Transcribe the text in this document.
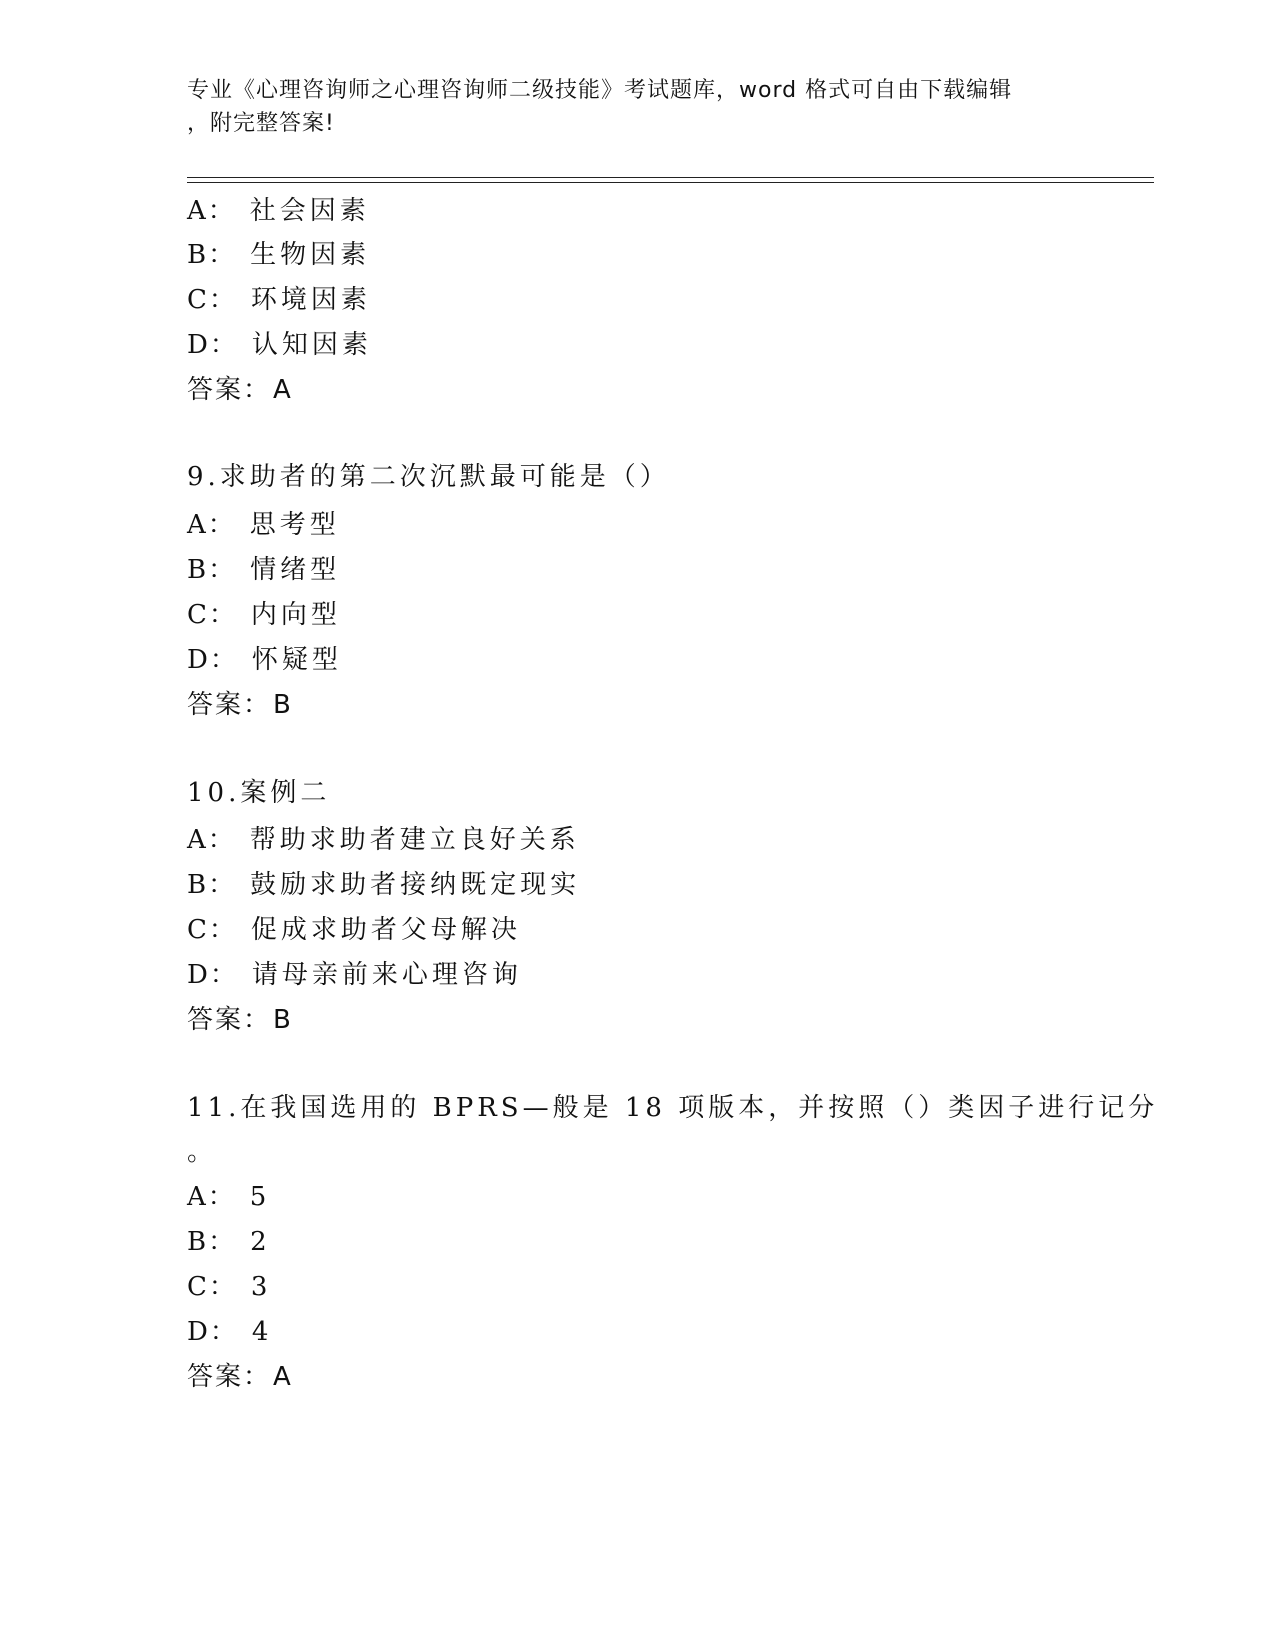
专业《心理咨询师之心理咨询师二级技能》考试题库，word 格式可自由下载编辑
，附完整答案!
A： 社会因素
B： 生物因素
C： 环境因素
D： 认知因素
答案：A
9.求助者的第二次沉默最可能是（）
A： 思考型
B： 情绪型
C： 内向型
D： 怀疑型
答案：B
10.案例二
A： 帮助求助者建立良好关系
B： 鼓励求助者接纳既定现实
C： 促成求助者父母解决
D： 请母亲前来心理咨询
答案：B
11.在我国选用的 BPRS—般是 18 项版本，并按照（）类因子进行记分
。
A： 5
B： 2
C： 3
D： 4
答案：A
